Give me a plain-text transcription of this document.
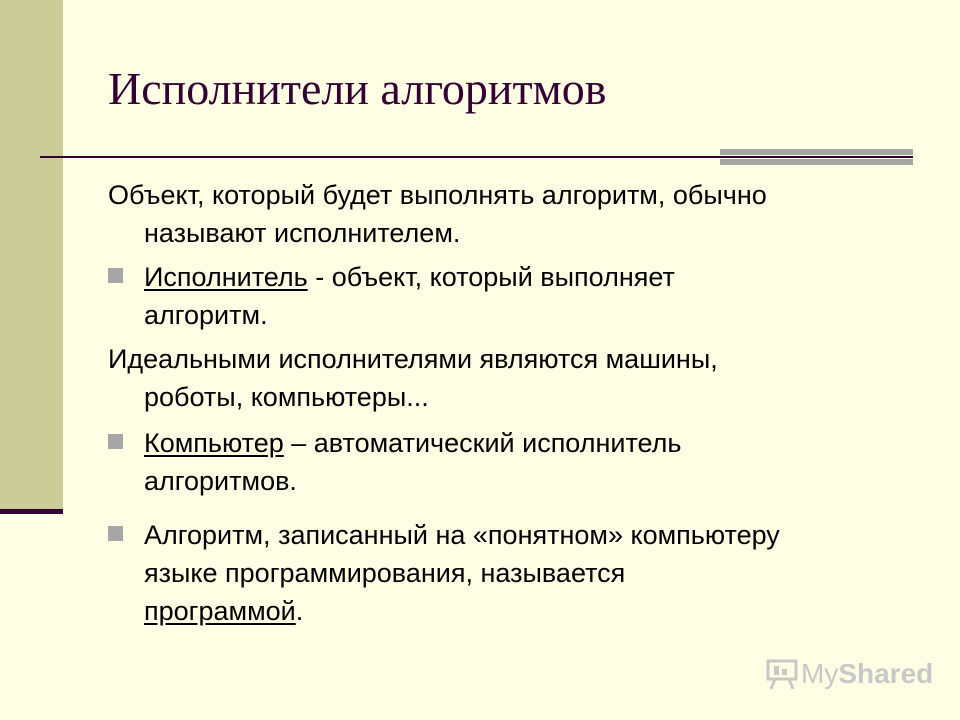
Исполнители алгоритмов

Объект, который будет выполнять алгоритм, обычно
называют исполнителем.

Исполнитель - объект, который выполняет
алгоритм.

Идеальными исполнителями являются машины,
роботы, компьютеры...

Компьютер – автоматический исполнитель
алгоритмов.

Алгоритм, записанный на «понятном» компьютеру
языке программирования, называется
программой.

MyShared
